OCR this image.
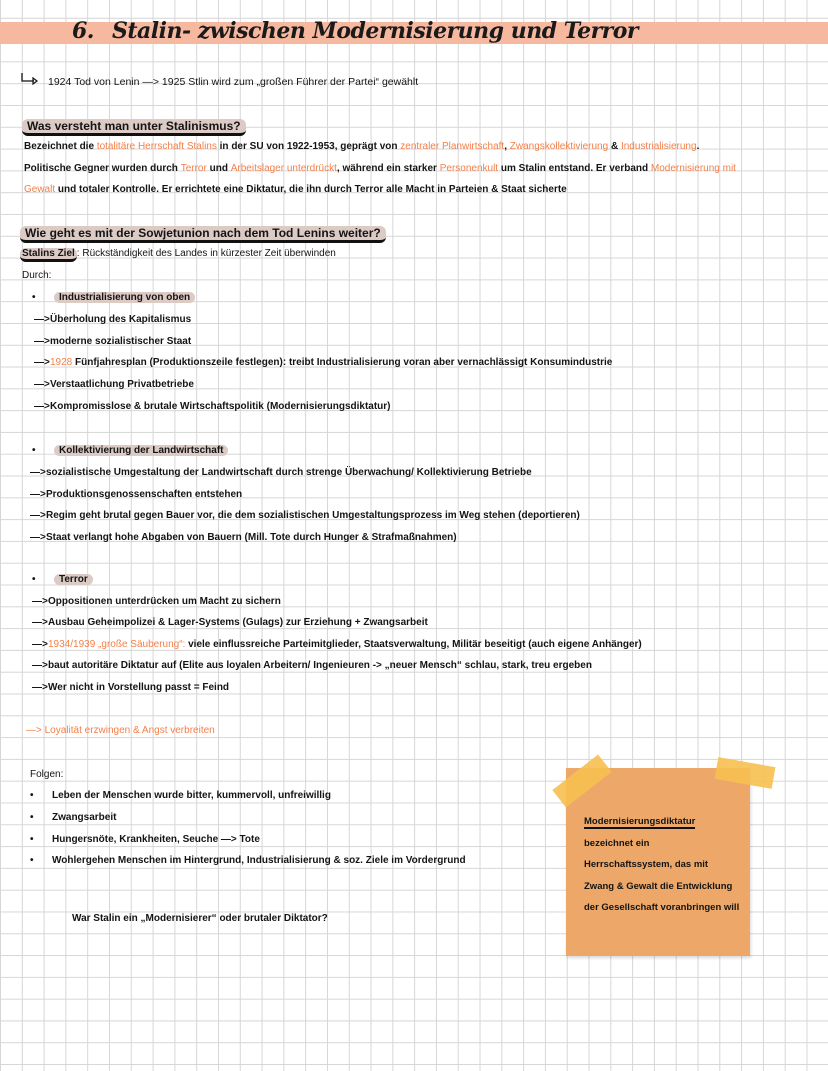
6. Stalin- zwischen Modernisierung und Terror
1924 Tod von Lenin —> 1925 Stlin wird zum „großen Führer der Partei“ gewählt
Was versteht man unter Stalinismus?
Bezeichnet die totalitäre Herrschaft Stalins in der SU von 1922-1953, geprägt von zentraler Planwirtschaft, Zwangskollektivierung & Industrialisierung.
Politische Gegner wurden durch Terror und Arbeitslager unterdrückt, während ein starker Personenkult um Stalin entstand. Er verband Modernisierung mit
Gewalt und totaler Kontrolle. Er errichtete eine Diktatur, die ihn durch Terror alle Macht in Parteien & Staat sicherte
Wie geht es mit der Sowjetunion nach dem Tod Lenins weiter?
Stalins Ziel : Rückständigkeit des Landes in kürzester Zeit überwinden
Durch:
• Industrialisierung von oben
—>Überholung des Kapitalismus
—>moderne sozialistischer Staat
—>1928 Fünfjahresplan (Produktionszeile festlegen): treibt Industrialisierung voran aber vernachlässigt Konsumindustrie
—>Verstaatlichung Privatbetriebe
—>Kompromisslose & brutale Wirtschaftspolitik (Modernisierungsdiktatur)
• Kollektivierung der Landwirtschaft
—>sozialistische Umgestaltung der Landwirtschaft durch strenge Überwachung/ Kollektivierung Betriebe
—>Produktionsgenossenschaften entstehen
—>Regim geht brutal gegen Bauer vor, die dem sozialistischen Umgestaltungsprozess im Weg stehen (deportieren)
—>Staat verlangt hohe Abgaben von Bauern (Mill. Tote durch Hunger & Strafmaßnahmen)
• Terror
—>Oppositionen unterdrücken um Macht zu sichern
—>Ausbau Geheimpolizei & Lager-Systems (Gulags) zur Erziehung + Zwangsarbeit
—>1934/1939 „große Säuberung“: viele einflussreiche Parteimitglieder, Staatsverwaltung, Militär beseitigt (auch eigene Anhänger)
—>baut autoritäre Diktatur auf (Elite aus loyalen Arbeitern/ Ingenieuren -> „neuer Mensch“ schlau, stark, treu ergeben
—>Wer nicht in Vorstellung passt = Feind
—> Loyalität erzwingen & Angst verbreiten
Folgen:
• Leben der Menschen wurde bitter, kummervoll, unfreiwillig
• Zwangsarbeit
• Hungersnöte, Krankheiten, Seuche —> Tote
• Wohlergehen Menschen im Hintergrund, Industrialisierung & soz. Ziele im Vordergrund
War Stalin ein „Modernisierer“ oder brutaler Diktator?
Modernisierungsdiktatur
bezeichnet ein
Herrschaftssystem, das mit
Zwang & Gewalt die Entwicklung
der Gesellschaft voranbringen will
